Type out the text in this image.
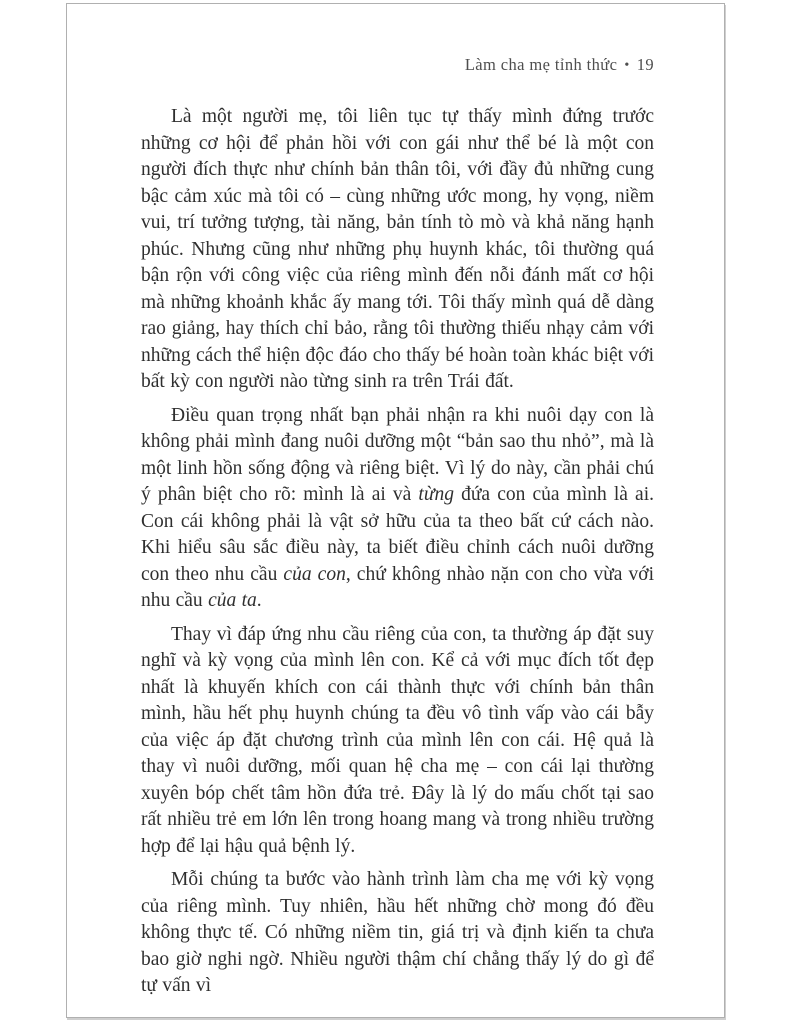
Làm cha mẹ tỉnh thức • 19

Là một người mẹ, tôi liên tục tự thấy mình đứng trước những cơ hội để phản hồi với con gái như thể bé là một con người đích thực như chính bản thân tôi, với đầy đủ những cung bậc cảm xúc mà tôi có – cùng những ước mong, hy vọng, niềm vui, trí tưởng tượng, tài năng, bản tính tò mò và khả năng hạnh phúc. Nhưng cũng như những phụ huynh khác, tôi thường quá bận rộn với công việc của riêng mình đến nỗi đánh mất cơ hội mà những khoảnh khắc ấy mang tới. Tôi thấy mình quá dễ dàng rao giảng, hay thích chỉ bảo, rằng tôi thường thiếu nhạy cảm với những cách thể hiện độc đáo cho thấy bé hoàn toàn khác biệt với bất kỳ con người nào từng sinh ra trên Trái đất.

Điều quan trọng nhất bạn phải nhận ra khi nuôi dạy con là không phải mình đang nuôi dưỡng một “bản sao thu nhỏ”, mà là một linh hồn sống động và riêng biệt. Vì lý do này, cần phải chú ý phân biệt cho rõ: mình là ai và từng đứa con của mình là ai. Con cái không phải là vật sở hữu của ta theo bất cứ cách nào. Khi hiểu sâu sắc điều này, ta biết điều chỉnh cách nuôi dưỡng con theo nhu cầu của con, chứ không nhào nặn con cho vừa với nhu cầu của ta.

Thay vì đáp ứng nhu cầu riêng của con, ta thường áp đặt suy nghĩ và kỳ vọng của mình lên con. Kể cả với mục đích tốt đẹp nhất là khuyến khích con cái thành thực với chính bản thân mình, hầu hết phụ huynh chúng ta đều vô tình vấp vào cái bẫy của việc áp đặt chương trình của mình lên con cái. Hệ quả là thay vì nuôi dưỡng, mối quan hệ cha mẹ – con cái lại thường xuyên bóp chết tâm hồn đứa trẻ. Đây là lý do mấu chốt tại sao rất nhiều trẻ em lớn lên trong hoang mang và trong nhiều trường hợp để lại hậu quả bệnh lý.

Mỗi chúng ta bước vào hành trình làm cha mẹ với kỳ vọng của riêng mình. Tuy nhiên, hầu hết những chờ mong đó đều không thực tế. Có những niềm tin, giá trị và định kiến ta chưa bao giờ nghi ngờ. Nhiều người thậm chí chẳng thấy lý do gì để tự vấn vì
